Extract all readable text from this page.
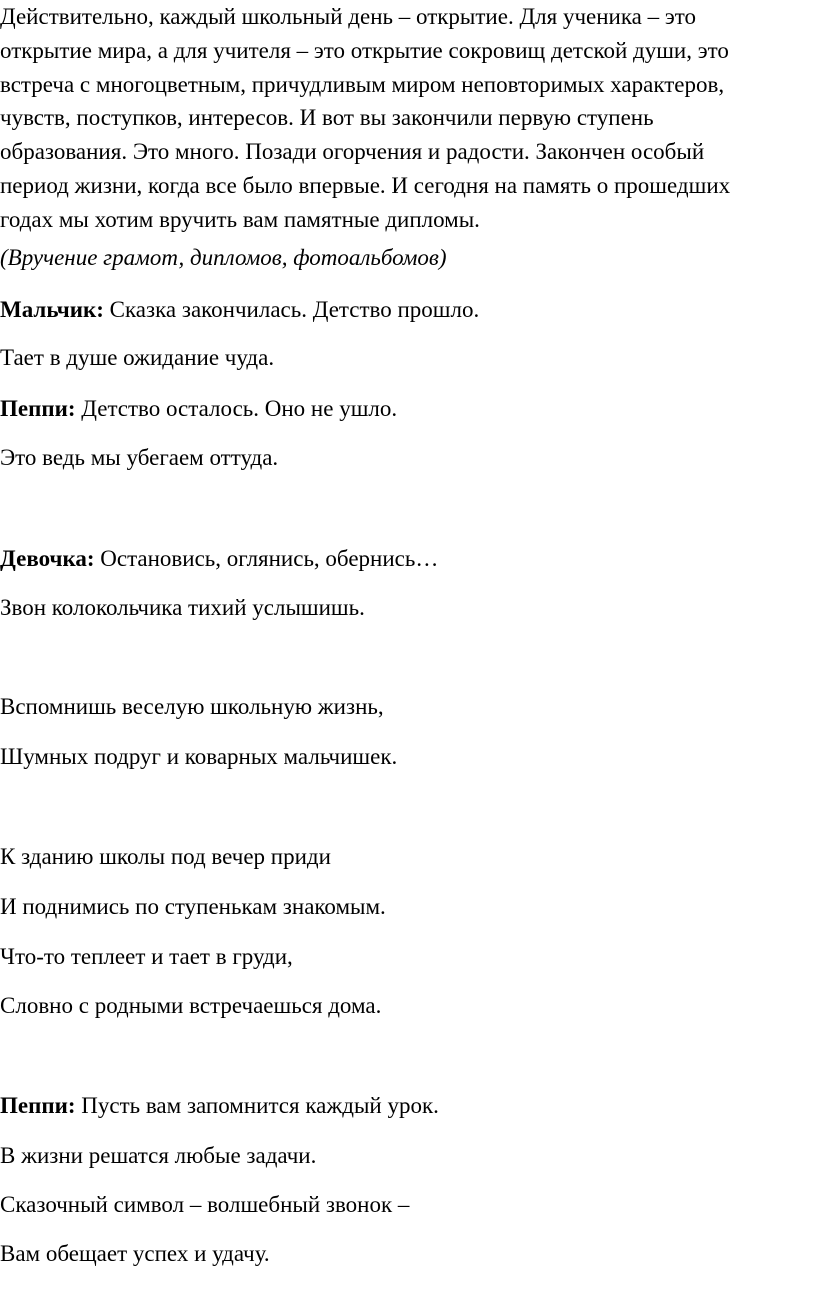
Действительно, каждый школьный день – открытие. Для ученика – это
открытие мира, а для учителя – это открытие сокровищ детской души, это
встреча с многоцветным, причудливым миром неповторимых характеров,
чувств, поступков, интересов. И вот вы закончили первую ступень
образования. Это много. Позади огорчения и радости. Закончен особый
период жизни, когда все было впервые. И сегодня на память о прошедших
годах мы хотим вручить вам памятные дипломы.

(Вручение грамот, дипломов, фотоальбомов)

Мальчик: Сказка закончилась. Детство прошло.

Тает в душе ожидание чуда.

Пеппи: Детство осталось. Оно не ушло.

Это ведь мы убегаем оттуда.

Девочка: Остановись, оглянись, обернись…

Звон колокольчика тихий услышишь.

Вспомнишь веселую школьную жизнь,

Шумных подруг и коварных мальчишек.

К зданию школы под вечер приди

И поднимись по ступенькам знакомым.

Что-то теплеет и тает в груди,

Словно с родными встречаешься дома.

Пеппи: Пусть вам запомнится каждый урок.

В жизни решатся любые задачи.

Сказочный символ – волшебный звонок –

Вам обещает успех и удачу.
